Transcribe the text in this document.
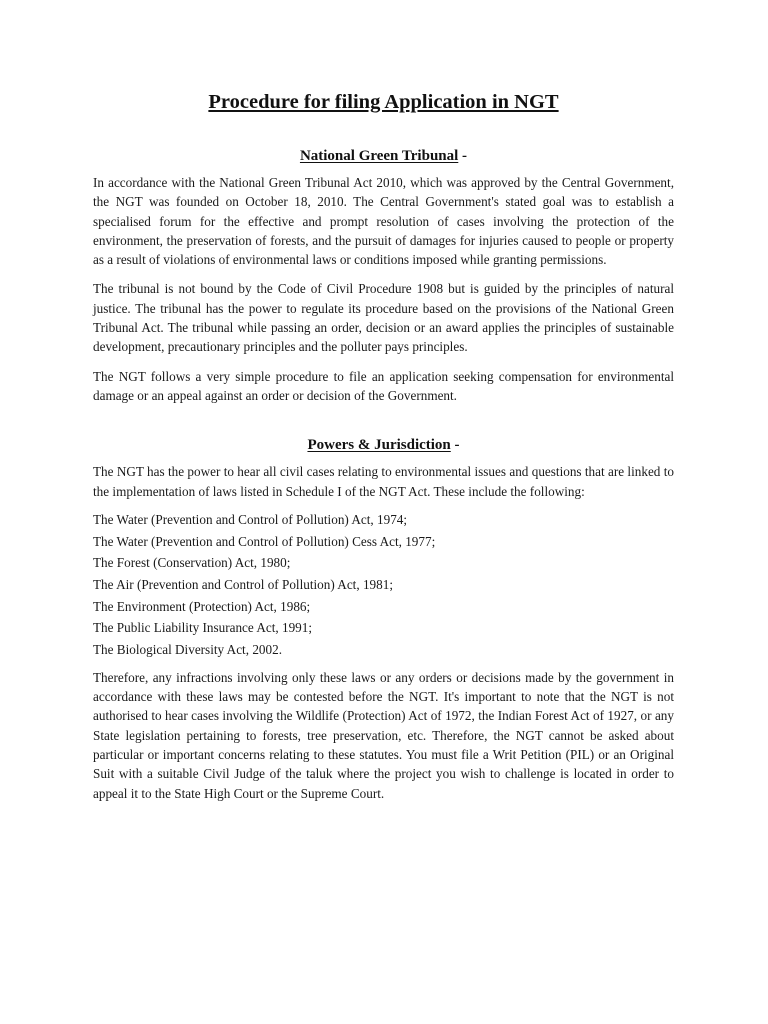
Procedure for filing Application in NGT
National Green Tribunal -

In accordance with the National Green Tribunal Act 2010, which was approved by the Central Government, the NGT was founded on October 18, 2010. The Central Government's stated goal was to establish a specialised forum for the effective and prompt resolution of cases involving the protection of the environment, the preservation of forests, and the pursuit of damages for injuries caused to people or property as a result of violations of environmental laws or conditions imposed while granting permissions.

The tribunal is not bound by the Code of Civil Procedure 1908 but is guided by the principles of natural justice. The tribunal has the power to regulate its procedure based on the provisions of the National Green Tribunal Act. The tribunal while passing an order, decision or an award applies the principles of sustainable development, precautionary principles and the polluter pays principles.

The NGT follows a very simple procedure to file an application seeking compensation for environmental damage or an appeal against an order or decision of the Government.

Powers & Jurisdiction -

The NGT has the power to hear all civil cases relating to environmental issues and questions that are linked to the implementation of laws listed in Schedule I of the NGT Act. These include the following:

The Water (Prevention and Control of Pollution) Act, 1974;
The Water (Prevention and Control of Pollution) Cess Act, 1977;
The Forest (Conservation) Act, 1980;
The Air (Prevention and Control of Pollution) Act, 1981;
The Environment (Protection) Act, 1986;
The Public Liability Insurance Act, 1991;
The Biological Diversity Act, 2002.

Therefore, any infractions involving only these laws or any orders or decisions made by the government in accordance with these laws may be contested before the NGT. It's important to note that the NGT is not authorised to hear cases involving the Wildlife (Protection) Act of 1972, the Indian Forest Act of 1927, or any State legislation pertaining to forests, tree preservation, etc. Therefore, the NGT cannot be asked about particular or important concerns relating to these statutes. You must file a Writ Petition (PIL) or an Original Suit with a suitable Civil Judge of the taluk where the project you wish to challenge is located in order to appeal it to the State High Court or the Supreme Court.
